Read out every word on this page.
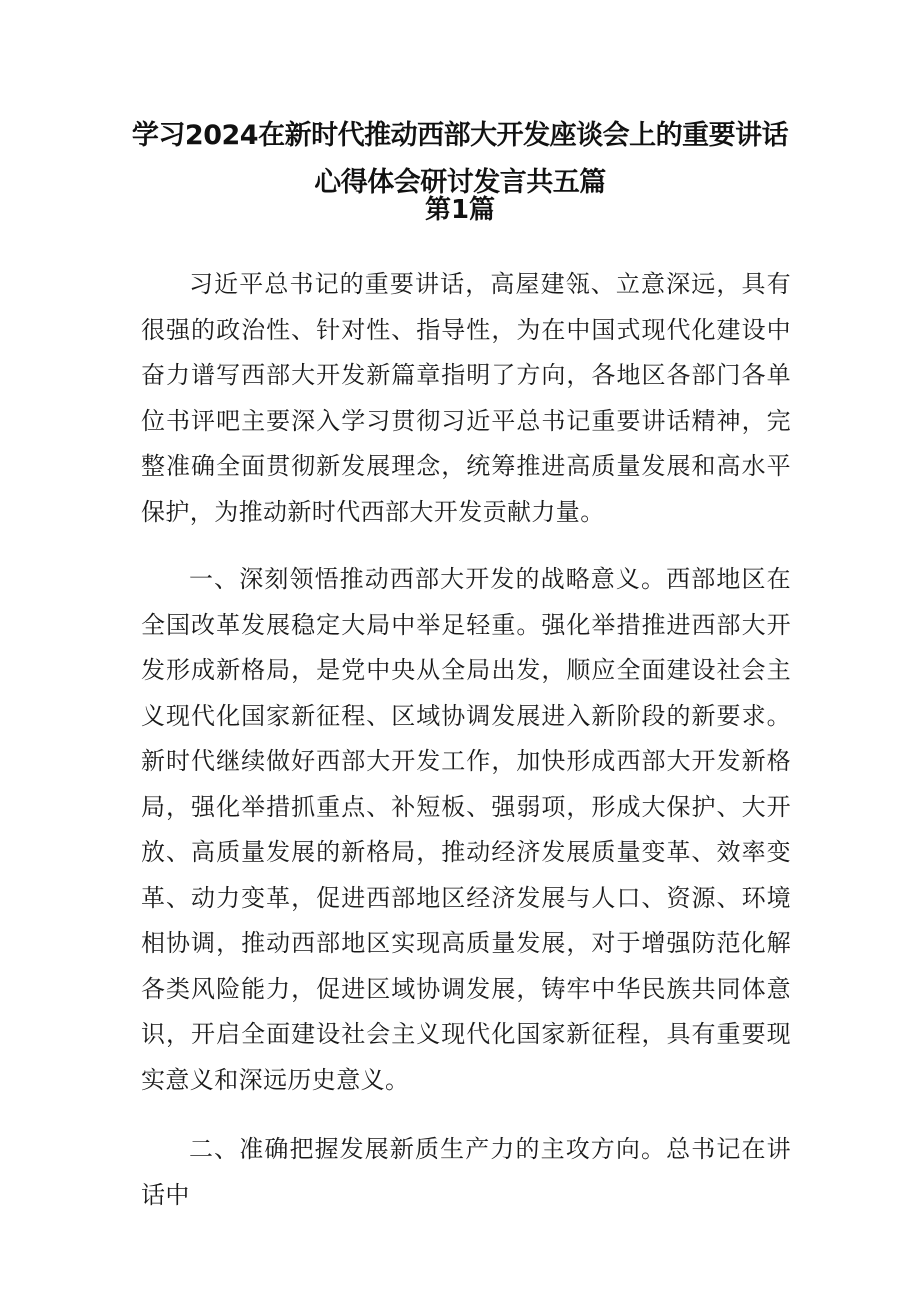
学习2024在新时代推动西部大开发座谈会上的重要讲话
心得体会研讨发言共五篇
第1篇

习近平总书记的重要讲话，高屋建瓴、立意深远，具有很强的政治性、针对性、指导性，为在中国式现代化建设中奋力谱写西部大开发新篇章指明了方向，各地区各部门各单位书评吧主要深入学习贯彻习近平总书记重要讲话精神，完整准确全面贯彻新发展理念，统筹推进高质量发展和高水平保护，为推动新时代西部大开发贡献力量。

一、深刻领悟推动西部大开发的战略意义。西部地区在全国改革发展稳定大局中举足轻重。强化举措推进西部大开发形成新格局，是党中央从全局出发，顺应全面建设社会主义现代化国家新征程、区域协调发展进入新阶段的新要求。新时代继续做好西部大开发工作，加快形成西部大开发新格局，强化举措抓重点、补短板、强弱项，形成大保护、大开放、高质量发展的新格局，推动经济发展质量变革、效率变革、动力变革，促进西部地区经济发展与人口、资源、环境相协调，推动西部地区实现高质量发展，对于增强防范化解各类风险能力，促进区域协调发展，铸牢中华民族共同体意识，开启全面建设社会主义现代化国家新征程，具有重要现实意义和深远历史意义。

二、准确把握发展新质生产力的主攻方向。总书记在讲话中
